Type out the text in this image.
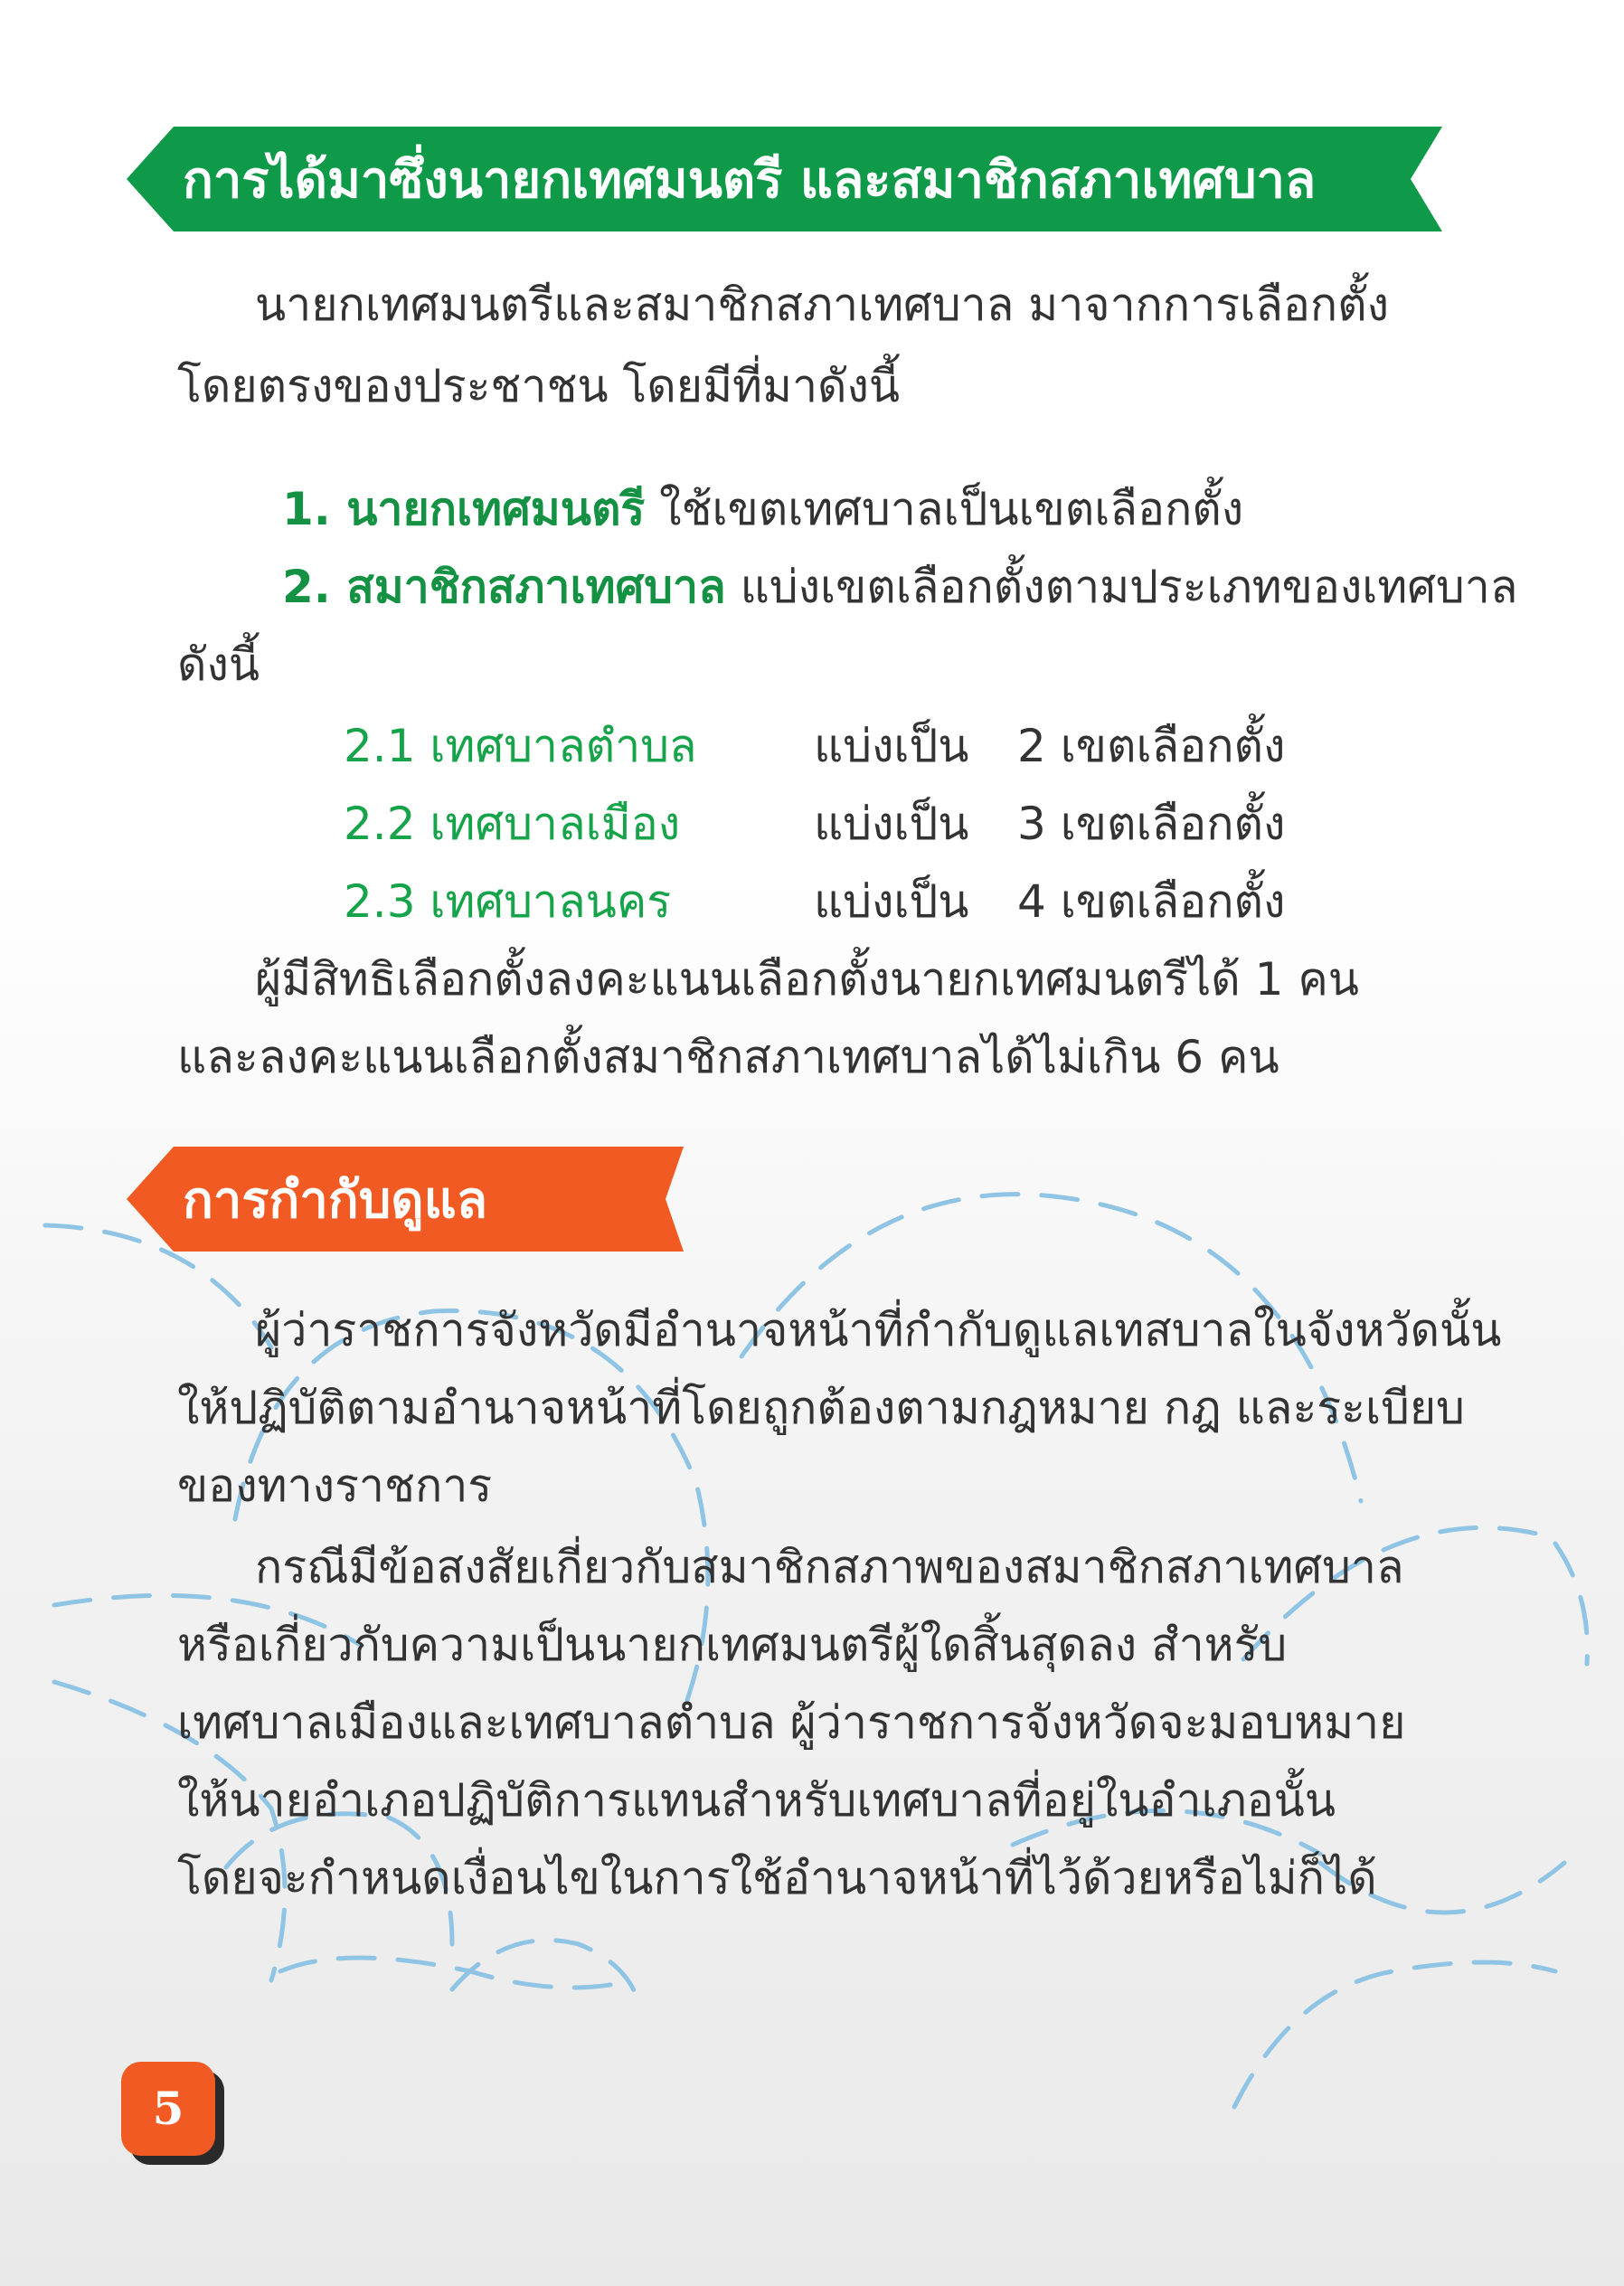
การได้มาซึ่งนายกเทศมนตรี และสมาชิกสภาเทศบาล
นายกเทศมนตรีและสมาชิกสภาเทศบาล มาจากการเลือกตั้ง
โดยตรงของประชาชน โดยมีที่มาดังนี้
1. นายกเทศมนตรี ใช้เขตเทศบาลเป็นเขตเลือกตั้ง
2. สมาชิกสภาเทศบาล แบ่งเขตเลือกตั้งตามประเภทของเทศบาล
ดังนี้
2.1 เทศบาลตำบล	แบ่งเป็น 2 เขตเลือกตั้ง
2.2 เทศบาลเมือง	แบ่งเป็น 3 เขตเลือกตั้ง
2.3 เทศบาลนคร	แบ่งเป็น 4 เขตเลือกตั้ง
ผู้มีสิทธิเลือกตั้งลงคะแนนเลือกตั้งนายกเทศมนตรีได้ 1 คน
และลงคะแนนเลือกตั้งสมาชิกสภาเทศบาลได้ไม่เกิน 6 คน
การกำกับดูแล
ผู้ว่าราชการจังหวัดมีอำนาจหน้าที่กำกับดูแลเทสบาลในจังหวัดนั้น
ให้ปฏิบัติตามอำนาจหน้าที่โดยถูกต้องตามกฎหมาย กฎ และระเบียบ
ของทางราชการ
กรณีมีข้อสงสัยเกี่ยวกับสมาชิกสภาพของสมาชิกสภาเทศบาล
หรือเกี่ยวกับความเป็นนายกเทศมนตรีผู้ใดสิ้นสุดลง สำหรับ
เทศบาลเมืองและเทศบาลตำบล ผู้ว่าราชการจังหวัดจะมอบหมาย
ให้นายอำเภอปฏิบัติการแทนสำหรับเทศบาลที่อยู่ในอำเภอนั้น
โดยจะกำหนดเงื่อนไขในการใช้อำนาจหน้าที่ไว้ด้วยหรือไม่ก็ได้
5
